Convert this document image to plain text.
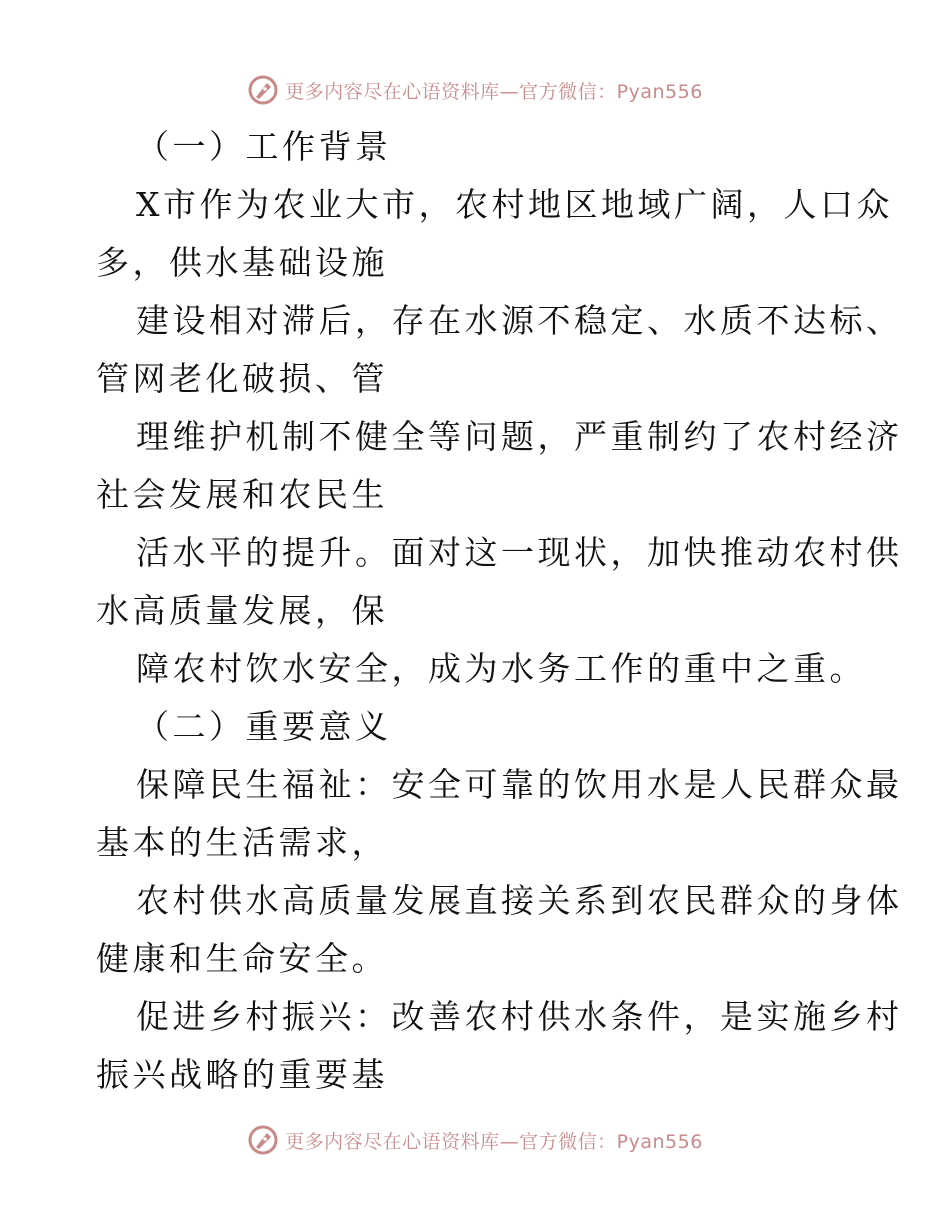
更多内容尽在心语资料库—官方微信：Pyan556
（一）工作背景
X市作为农业大市，农村地区地域广阔，人口众
多，供水基础设施
建设相对滞后，存在水源不稳定、水质不达标、
管网老化破损、管
理维护机制不健全等问题，严重制约了农村经济
社会发展和农民生
活水平的提升。面对这一现状，加快推动农村供
水高质量发展，保
障农村饮水安全，成为水务工作的重中之重。
（二）重要意义
保障民生福祉：安全可靠的饮用水是人民群众最
基本的生活需求，
农村供水高质量发展直接关系到农民群众的身体
健康和生命安全。
促进乡村振兴：改善农村供水条件，是实施乡村
振兴战略的重要基
更多内容尽在心语资料库—官方微信：Pyan556
